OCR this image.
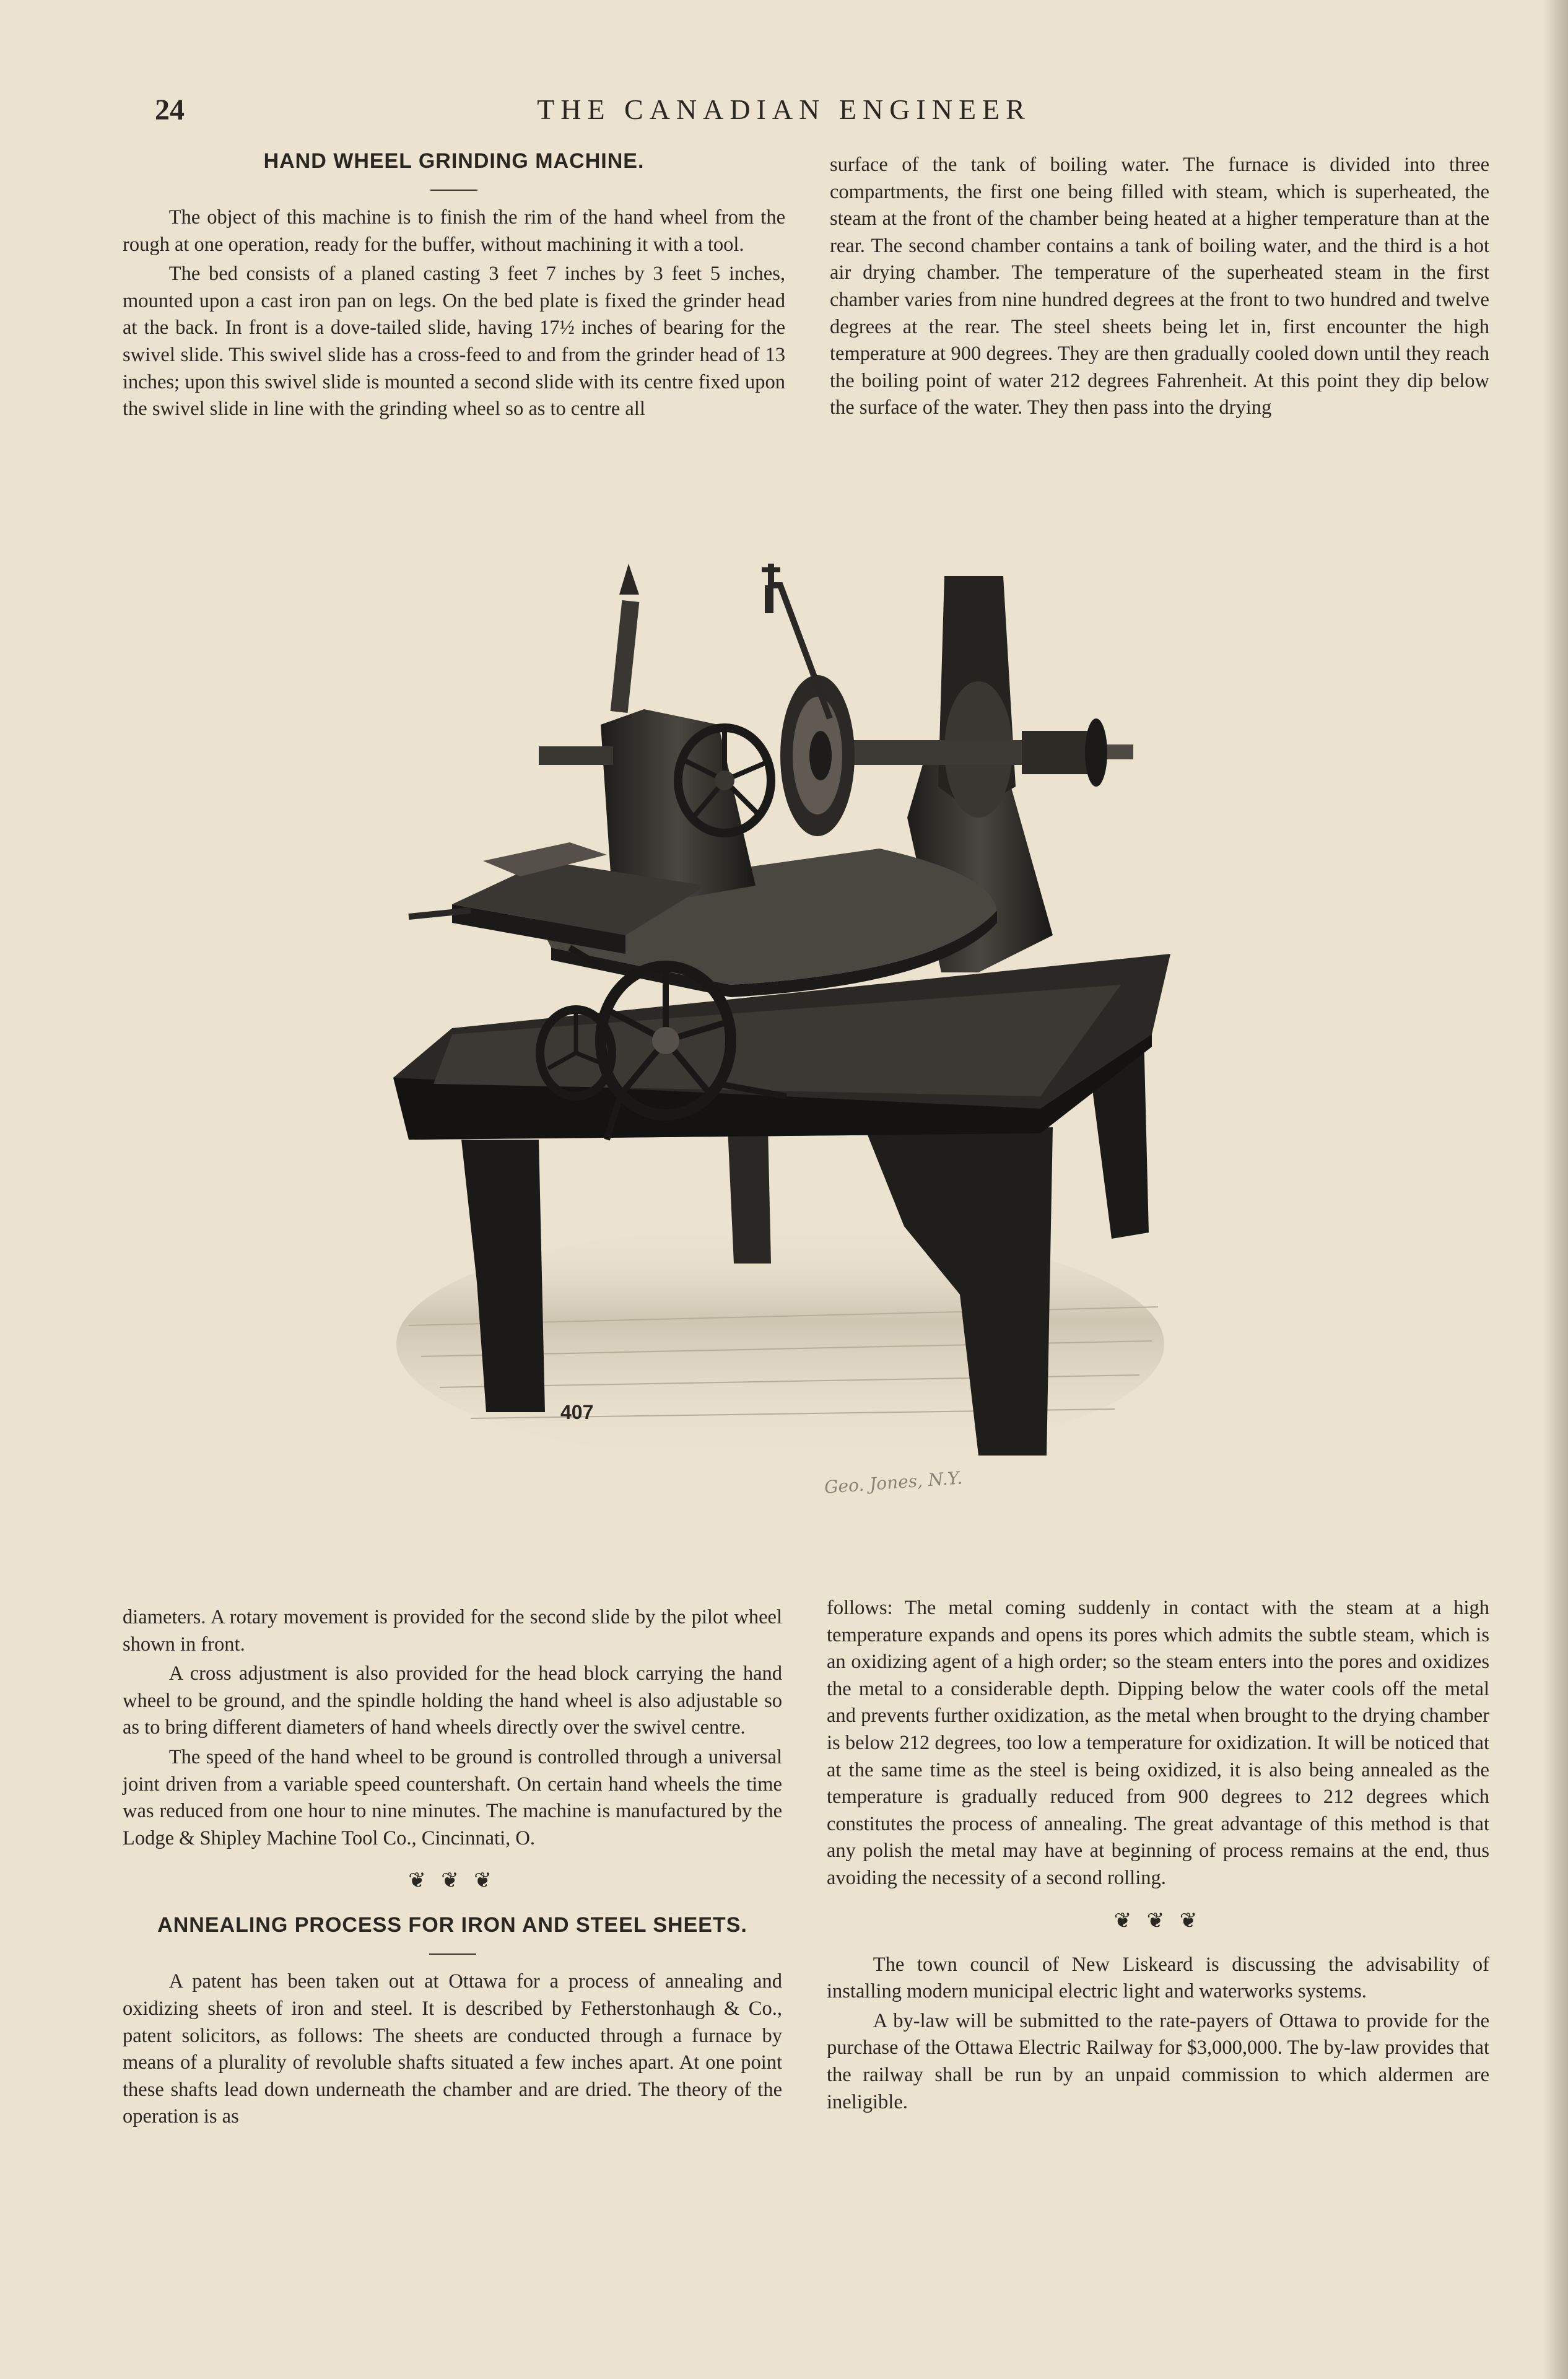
24	THE CANADIAN ENGINEER
HAND WHEEL GRINDING MACHINE.

The object of this machine is to finish the rim of the hand wheel from the rough at one operation, ready for the buffer, without machining it with a tool.

The bed consists of a planed casting 3 feet 7 inches by 3 feet 5 inches, mounted upon a cast iron pan on legs. On the bed plate is fixed the grinder head at the back. In front is a dove-tailed slide, having 17½ inches of bearing for the swivel slide. This swivel slide has a cross-feed to and from the grinder head of 13 inches; upon this swivel slide is mounted a second slide with its centre fixed upon the swivel slide in line with the grinding wheel so as to centre all

surface of the tank of boiling water. The furnace is divided into three compartments, the first one being filled with steam, which is superheated, the steam at the front of the chamber being heated at a higher temperature than at the rear. The second chamber contains a tank of boiling water, and the third is a hot air drying chamber. The temperature of the superheated steam in the first chamber varies from nine hundred degrees at the front to two hundred and twelve degrees at the rear. The steel sheets being let in, first encounter the high temperature at 900 degrees. They are then gradually cooled down until they reach the boiling point of water 212 degrees Fahrenheit. At this point they dip below the surface of the water. They then pass into the drying

407
Geo. Jones, N.Y.

diameters. A rotary movement is provided for the second slide by the pilot wheel shown in front.

A cross adjustment is also provided for the head block carrying the hand wheel to be ground, and the spindle holding the hand wheel is also adjustable so as to bring different diameters of hand wheels directly over the swivel centre.

The speed of the hand wheel to be ground is controlled through a universal joint driven from a variable speed countershaft. On certain hand wheels the time was reduced from one hour to nine minutes. The machine is manufactured by the Lodge & Shipley Machine Tool Co., Cincinnati, O.

❦ ❦ ❦
ANNEALING PROCESS FOR IRON AND STEEL SHEETS.

A patent has been taken out at Ottawa for a process of annealing and oxidizing sheets of iron and steel. It is described by Fetherstonhaugh & Co., patent solicitors, as follows: The sheets are conducted through a furnace by means of a plurality of revoluble shafts situated a few inches apart. At one point these shafts lead down underneath the chamber and are dried. The theory of the operation is as

follows: The metal coming suddenly in contact with the steam at a high temperature expands and opens its pores which admits the subtle steam, which is an oxidizing agent of a high order; so the steam enters into the pores and oxidizes the metal to a considerable depth. Dipping below the water cools off the metal and prevents further oxidization, as the metal when brought to the drying chamber is below 212 degrees, too low a temperature for oxidization. It will be noticed that at the same time as the steel is being oxidized, it is also being annealed as the temperature is gradually reduced from 900 degrees to 212 degrees which constitutes the process of annealing. The great advantage of this method is that any polish the metal may have at beginning of process remains at the end, thus avoiding the necessity of a second rolling.

❦ ❦ ❦

The town council of New Liskeard is discussing the advisability of installing modern municipal electric light and waterworks systems.

A by-law will be submitted to the rate-payers of Ottawa to provide for the purchase of the Ottawa Electric Railway for $3,000,000. The by-law provides that the railway shall be run by an unpaid commission to which aldermen are ineligible.
